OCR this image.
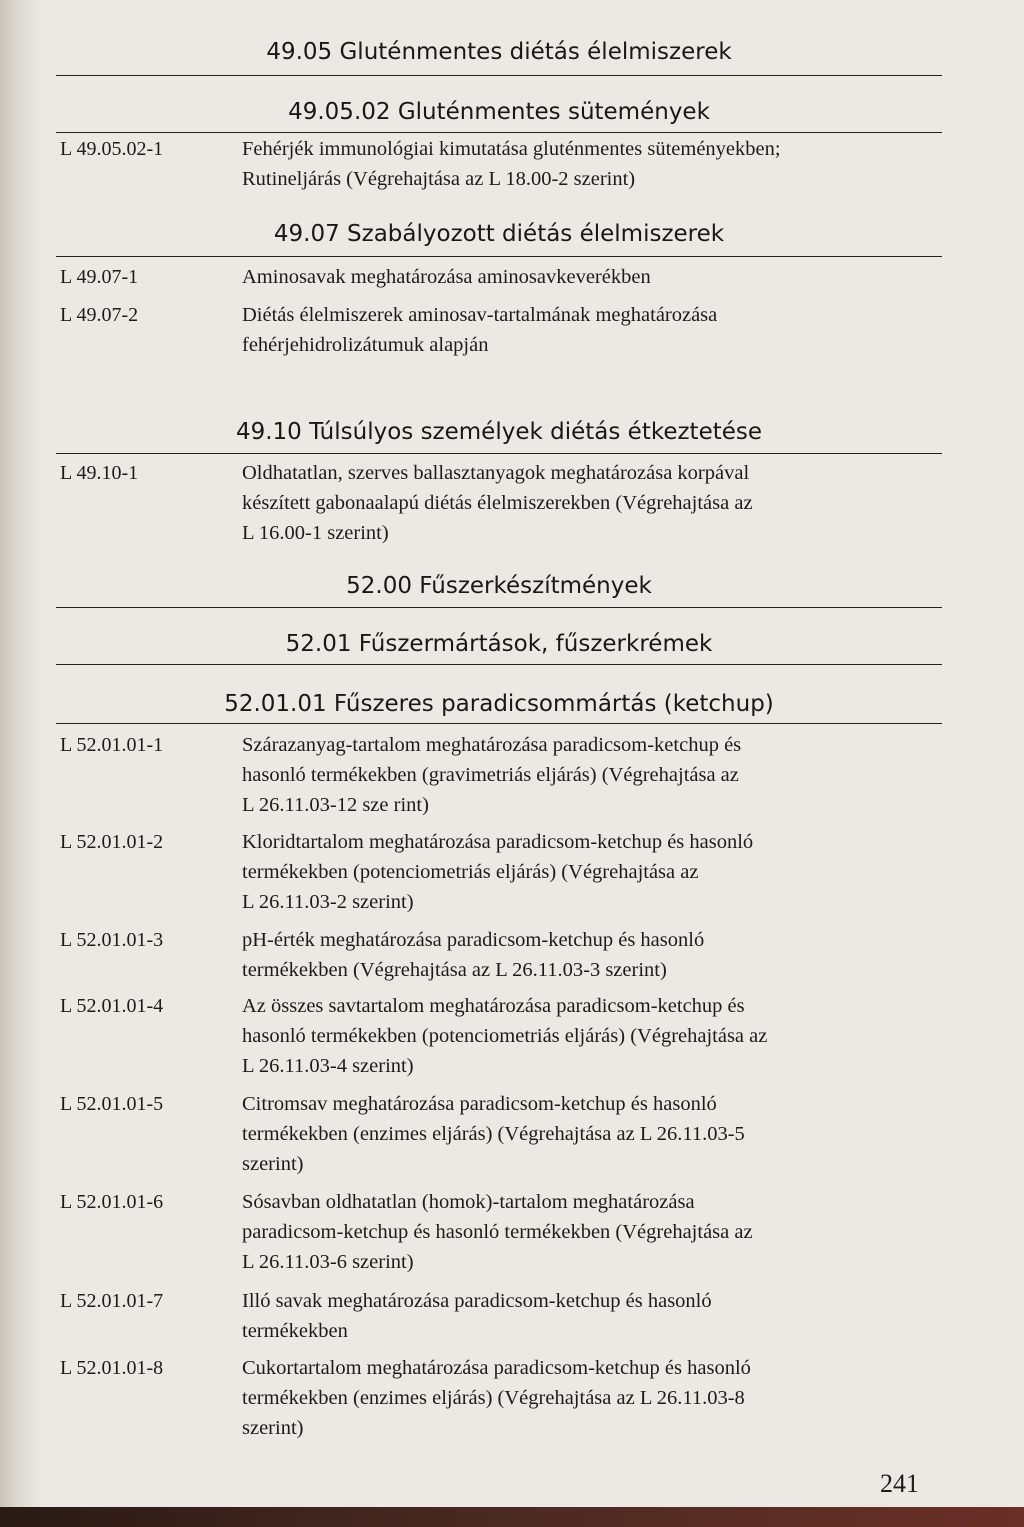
49.05 Gluténmentes diétás élelmiszerek
49.05.02 Gluténmentes sütemények
L 49.05.02-1	Fehérjék immunológiai kimutatása gluténmentes süteményekben;
Rutineljárás (Végrehajtása az L 18.00-2 szerint)
49.07 Szabályozott diétás élelmiszerek
L 49.07-1	Aminosavak meghatározása aminosavkeverékben
L 49.07-2	Diétás élelmiszerek aminosav-tartalmának meghatározása
fehérjehidrolizátumuk alapján
49.10 Túlsúlyos személyek diétás étkeztetése
L 49.10-1	Oldhatatlan, szerves ballasztanyagok meghatározása korpával
készített gabonaalapú diétás élelmiszerekben (Végrehajtása az
L 16.00-1 szerint)
52.00 Fűszerkészítmények
52.01 Fűszermártások, fűszerkrémek
52.01.01 Fűszeres paradicsommártás (ketchup)
L 52.01.01-1	Szárazanyag-tartalom meghatározása paradicsom-ketchup és
hasonló termékekben (gravimetriás eljárás) (Végrehajtása az
L 26.11.03-12 sze rint)
L 52.01.01-2	Kloridtartalom meghatározása paradicsom-ketchup és hasonló
termékekben (potenciometriás eljárás) (Végrehajtása az
L 26.11.03-2 szerint)
L 52.01.01-3	pH-érték meghatározása paradicsom-ketchup és hasonló
termékekben (Végrehajtása az L 26.11.03-3 szerint)
L 52.01.01-4	Az összes savtartalom meghatározása paradicsom-ketchup és
hasonló termékekben (potenciometriás eljárás) (Végrehajtása az
L 26.11.03-4 szerint)
L 52.01.01-5	Citromsav meghatározása paradicsom-ketchup és hasonló
termékekben (enzimes eljárás) (Végrehajtása az L 26.11.03-5
szerint)
L 52.01.01-6	Sósavban oldhatatlan (homok)-tartalom meghatározása
paradicsom-ketchup és hasonló termékekben (Végrehajtása az
L 26.11.03-6 szerint)
L 52.01.01-7	Illó savak meghatározása paradicsom-ketchup és hasonló
termékekben
L 52.01.01-8	Cukortartalom meghatározása paradicsom-ketchup és hasonló
termékekben (enzimes eljárás) (Végrehajtása az L 26.11.03-8
szerint)
241
